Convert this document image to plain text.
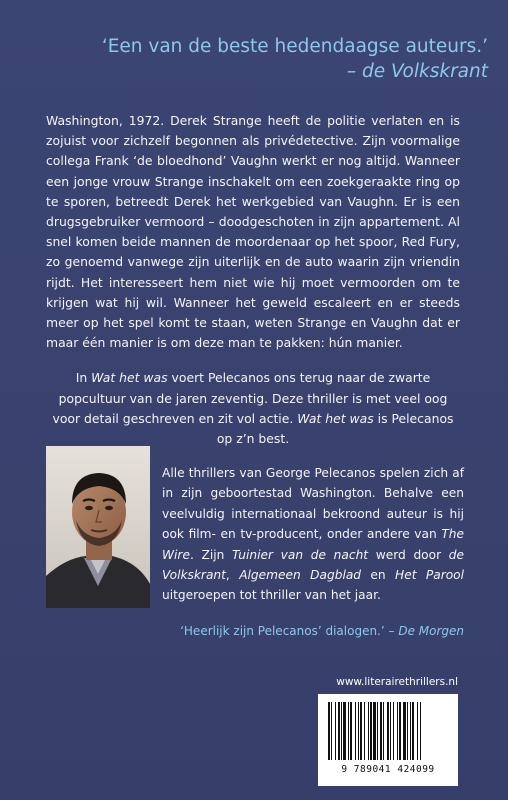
‘Een van de beste hedendaagse auteurs.’
– de Volkskrant

Washington, 1972. Derek Strange heeft de politie verlaten en is zojuist voor zichzelf begonnen als privédetective. Zijn voormalige collega Frank ‘de bloedhond’ Vaughn werkt er nog altijd. Wanneer een jonge vrouw Strange inschakelt om een zoekgeraakte ring op te sporen, betreedt Derek het werkgebied van Vaughn. Er is een drugsgebruiker vermoord – doodgeschoten in zijn appartement. Al snel komen beide mannen de moordenaar op het spoor, Red Fury, zo genoemd vanwege zijn uiterlijk en de auto waarin zijn vriendin rijdt. Het interesseert hem niet wie hij moet vermoorden om te krijgen wat hij wil. Wanneer het geweld escaleert en er steeds meer op het spel komt te staan, weten Strange en Vaughn dat er maar één manier is om deze man te pakken: hún manier.

In Wat het was voert Pelecanos ons terug naar de zwarte popcultuur van de jaren zeventig. Deze thriller is met veel oog voor detail geschreven en zit vol actie. Wat het was is Pelecanos op z’n best.

Alle thrillers van George Pelecanos spelen zich af in zijn geboortestad Washington. Behalve een veelvuldig internationaal bekroond auteur is hij ook film- en tv-producent, onder andere van The Wire. Zijn Tuinier van de nacht werd door de Volkskrant, Algemeen Dagblad en Het Parool uitgeroepen tot thriller van het jaar.
‘Heerlijk zijn Pelecanos’ dialogen.’ – De Morgen
www.literairethrillers.nl
9 789041 424099
